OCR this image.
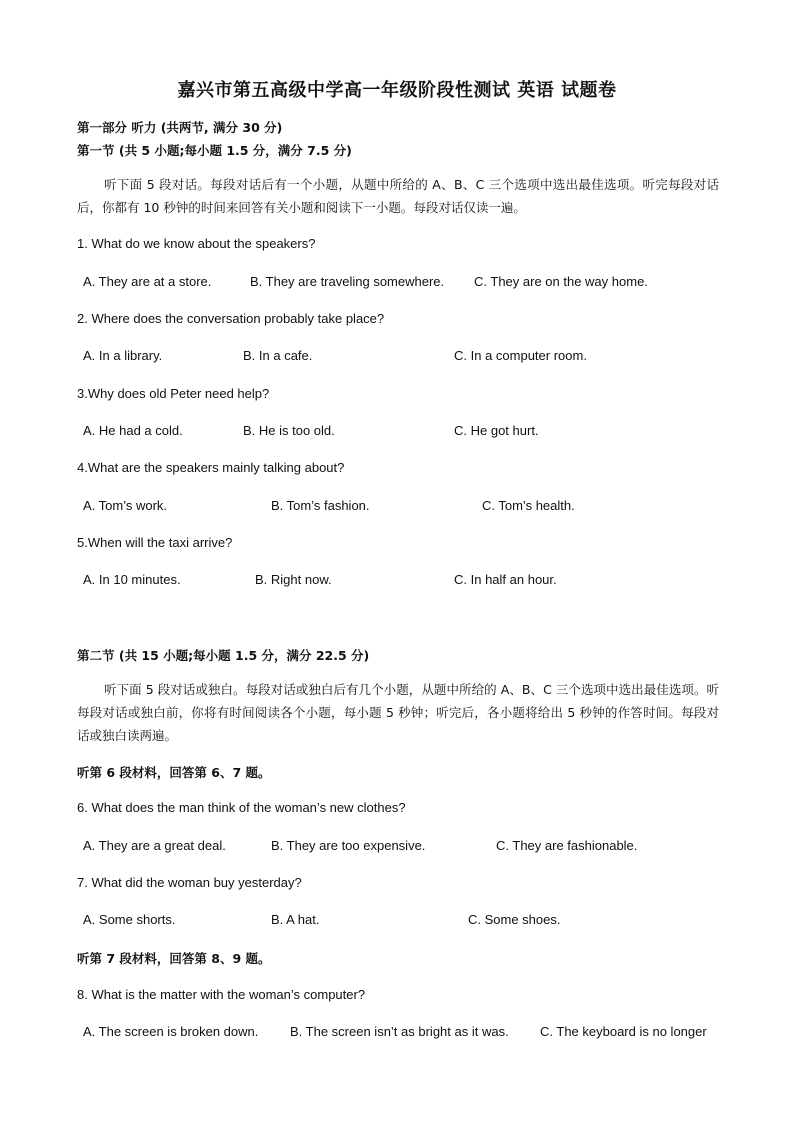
嘉兴市第五高级中学高一年级阶段性测试 英语 试题卷
第一部分 听力 (共两节, 满分 30 分)
第一节 (共 5 小题;每小题 1.5 分，满分 7.5 分)
听下面 5 段对话。每段对话后有一个小题，从题中所给的 A、B、C 三个选项中选出最佳选项。听完每段对话后，你都有 10 秒钟的时间来回答有关小题和阅读下一小题。每段对话仅读一遍。
1. What do we know about the speakers?
A. They are at a store.	B. They are traveling somewhere. C. They are on the way home.
2. Where does the conversation probably take place?
A. In a library.	B. In a cafe.	C. In a computer room.
3.Why does old Peter need help?
A. He had a cold.	B. He is too old.	C. He got hurt.
4.What are the speakers mainly talking about?
A. Tom’s work.	B. Tom’s fashion.	C. Tom’s health.
5.When will the taxi arrive?
A. In 10 minutes.	B. Right now.	C. In half an hour.
第二节 (共 15 小题;每小题 1.5 分，满分 22.5 分)
听下面 5 段对话或独白。每段对话或独白后有几个小题，从题中所给的 A、B、C 三个选项中选出最佳选项。听每段对话或独白前，你将有时间阅读各个小题，每小题 5 秒钟；听完后，各小题将给出 5 秒钟的作答时间。每段对话或独白读两遍。
听第 6 段材料，回答第 6、7 题。
6. What does the man think of the woman’s new clothes?
A. They are a great deal.	B. They are too expensive.	C. They are fashionable.
7. What did the woman buy yesterday?
A. Some shorts.	B. A hat.	C. Some shoes.
听第 7 段材料，回答第 8、9 题。
8. What is the matter with the woman’s computer?
A. The screen is broken down. B. The screen isn’t as bright as it was. C. The keyboard is no longer
